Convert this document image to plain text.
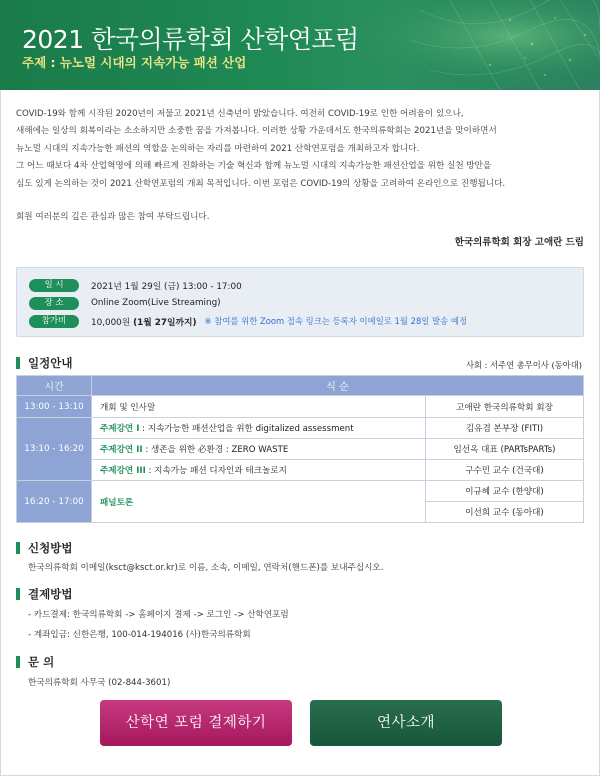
2021 한국의류학회 산학연포럼
주제 : 뉴노멀 시대의 지속가능 패션 산업

COVID-19와 함께 시작된 2020년이 저물고 2021년 신축년이 밝았습니다. 여전히 COVID-19로 인한 어려움이 있으나,

새해에는 일상의 회복이라는 소소하지만 소중한 꿈을 가져봅니다. 이러한 상황 가운데서도 한국의류학회는 2021년을 맞이하면서

뉴노멀 시대의 지속가능한 패션의 역할을 논의하는 자리를 마련하여 2021 산학연포럼을 개최하고자 합니다.

그 어느 때보다 4차 산업혁명에 의해 빠르게 진화하는 기술 혁신과 함께 뉴노멀 시대의 지속가능한 패션산업을 위한 실천 방안을

심도 있게 논의하는 것이 2021 산학연포럼의 개최 목적입니다. 이번 포럼은 COVID-19의 상황을 고려하여 온라인으로 진행됩니다.

회원 여러분의 깊은 관심과 많은 참여 부탁드립니다.
한국의류학회 회장 고애란 드림
일 시	2021년 1월 29일 (금) 13:00 - 17:00
장 소	Online Zoom(Live Streaming)
참가비	10,000원 (1월 27일까지) ※ 참여를 위한 Zoom 접속 링크는 등록자 이메일로 1월 28일 발송 예정
일정안내	사회 : 서주연 총무이사 (동아대)
시간	식 순	
13:00 - 13:10	개회 및 인사말	고애란 한국의류학회 회장
13:10 - 16:20	주제강연 I : 지속가능한 패션산업을 위한 digitalized assessment	김유겸 본부장 (FITI)
	주제강연 II : 생존을 위한 必환경 : ZERO WASTE	임선옥 대표 (PARTsPARTs)
	주제강연 III : 지속가능 패션 디자인과 테크놀로지	구수민 교수 (건국대)
16:20 - 17:00	패널토론	이규혜 교수 (한양대)
		이선희 교수 (동아대)
신청방법
한국의류학회 이메일(ksct@ksct.or.kr)로 이름, 소속, 이메일, 연락처(핸드폰)를 보내주십시오.
결제방법
- 카드결제: 한국의류학회 -> 홈페이지 결제 -> 로그인 -> 산학연포럼
- 계좌입금: 신한은행, 100-014-194016 (사)한국의류학회
문 의
한국의류학회 사무국 (02-844-3601)
산학연 포럼 결제하기	연사소개
